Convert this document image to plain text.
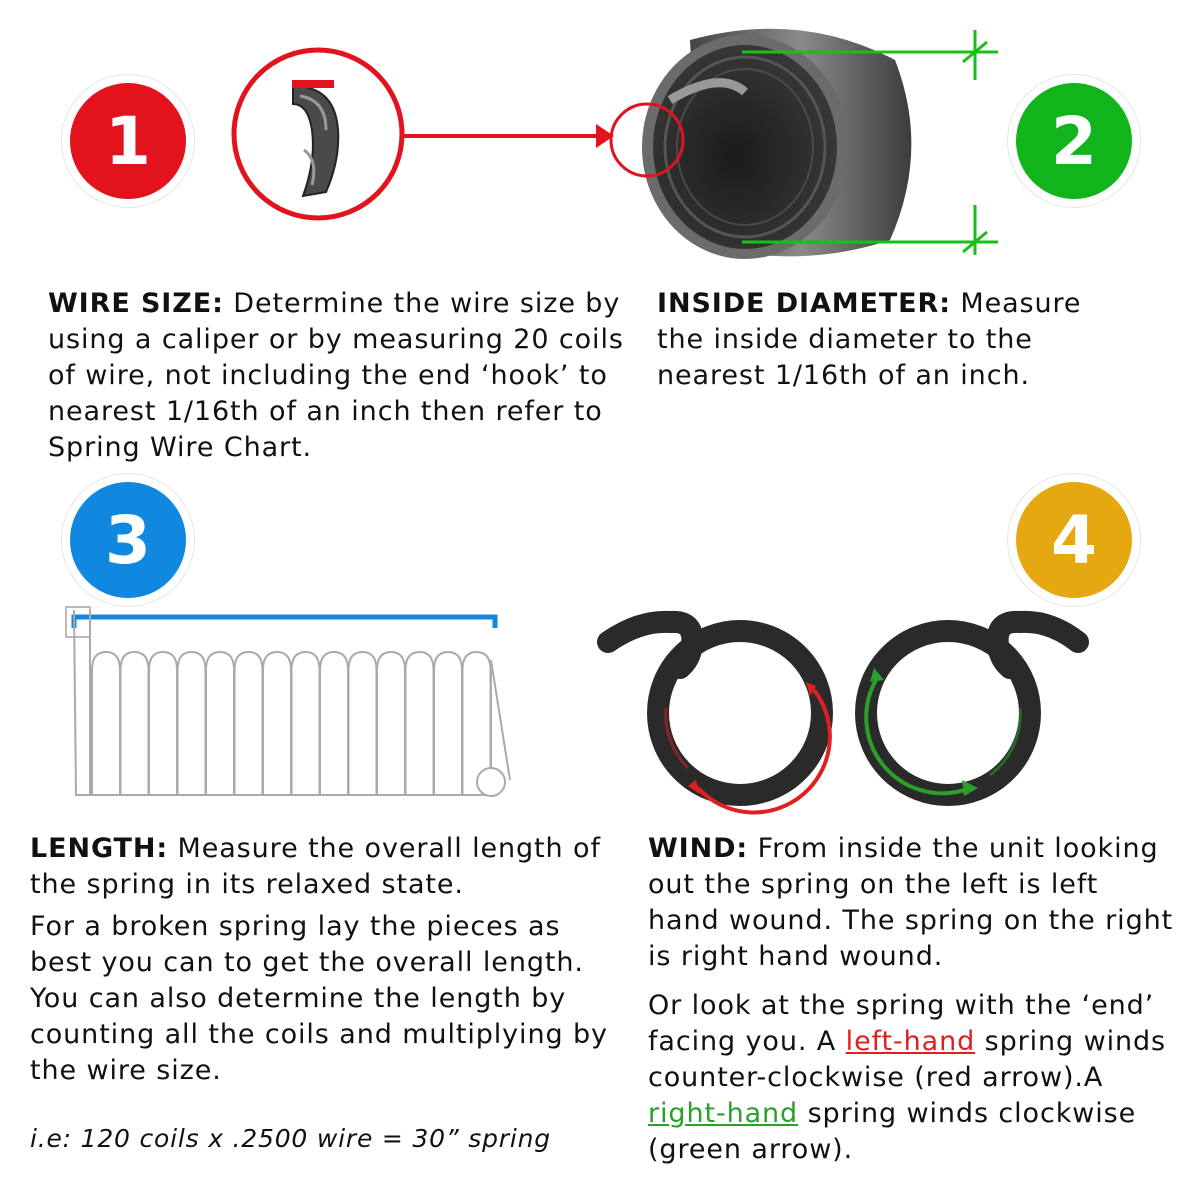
1	2
3	4
WIRE SIZE: Determine the wire size by using a caliper or by measuring 20 coils of wire, not including the end ‘hook’ to nearest 1/16th of an inch then refer to Spring Wire Chart.
INSIDE DIAMETER: Measure the inside diameter to the nearest 1/16th of an inch.
LENGTH: Measure the overall length of the spring in its relaxed state.
For a broken spring lay the pieces as best you can to get the overall length. You can also determine the length by counting all the coils and multiplying by the wire size.
i.e: 120 coils x .2500 wire = 30” spring
WIND: From inside the unit looking out the spring on the left is left hand wound. The spring on the right is right hand wound.
Or look at the spring with the ‘end’ facing you. A left-hand spring winds counter-clockwise (red arrow).A
right-hand spring winds clockwise (green arrow).
